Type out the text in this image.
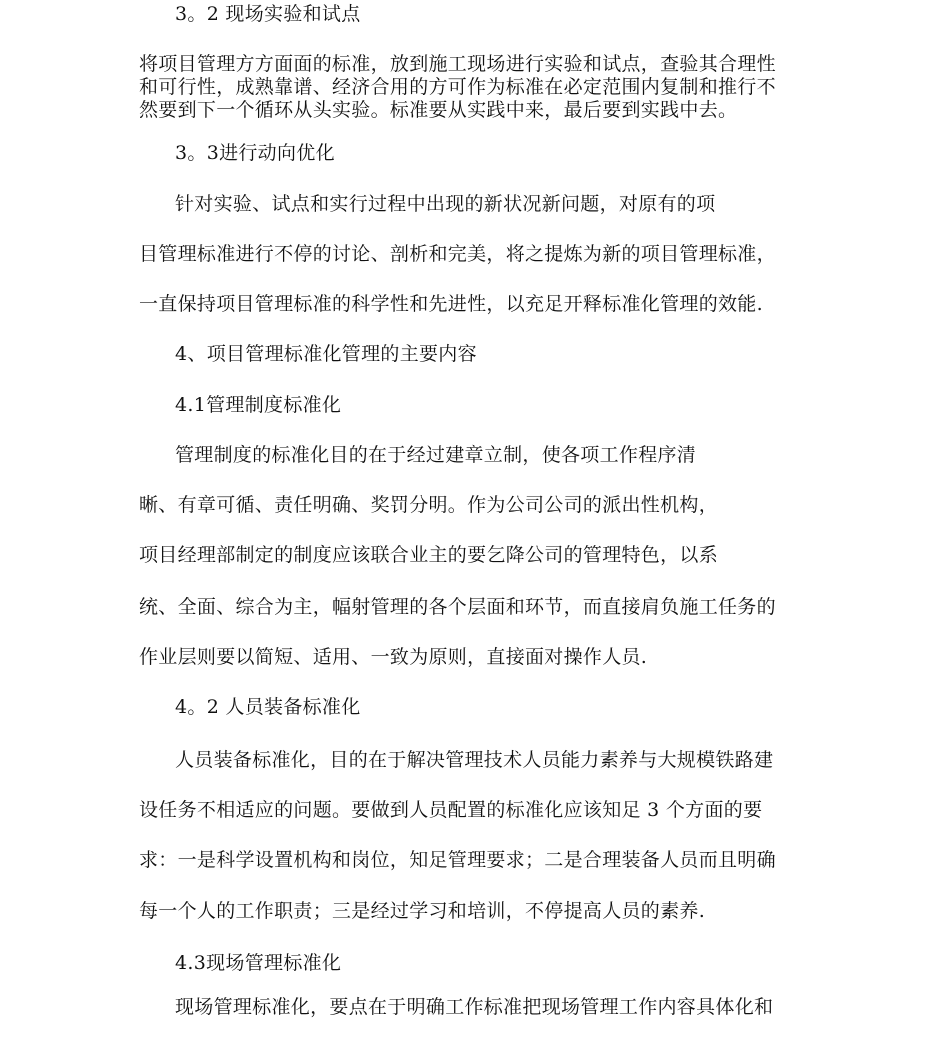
3。2 现场实验和试点
将项目管理方方面面的标准，放到施工现场进行实验和试点，查验其合理性
和可行性，成熟靠谱、经济合用的方可作为标准在必定范围内复制和推行不
然要到下一个循环从头实验。标准要从实践中来，最后要到实践中去。
3。3进行动向优化
针对实验、试点和实行过程中出现的新状况新问题，对原有的项
目管理标准进行不停的讨论、剖析和完美，将之提炼为新的项目管理标准，
一直保持项目管理标准的科学性和先进性，以充足开释标准化管理的效能.
4、项目管理标准化管理的主要内容
4.1管理制度标准化
管理制度的标准化目的在于经过建章立制，使各项工作程序清
晰、有章可循、责任明确、奖罚分明。作为公司公司的派出性机构，
项目经理部制定的制度应该联合业主的要乞降公司的管理特色，以系
统、全面、综合为主，幅射管理的各个层面和环节，而直接肩负施工任务的
作业层则要以简短、适用、一致为原则，直接面对操作人员.
4。2 人员装备标准化
人员装备标准化，目的在于解决管理技术人员能力素养与大规模铁路建
设任务不相适应的问题。要做到人员配置的标准化应该知足 3 个方面的要
求：一是科学设置机构和岗位，知足管理要求；二是合理装备人员而且明确
每一个人的工作职责；三是经过学习和培训，不停提高人员的素养.
4.3现场管理标准化
现场管理标准化，要点在于明确工作标准把现场管理工作内容具体化和
